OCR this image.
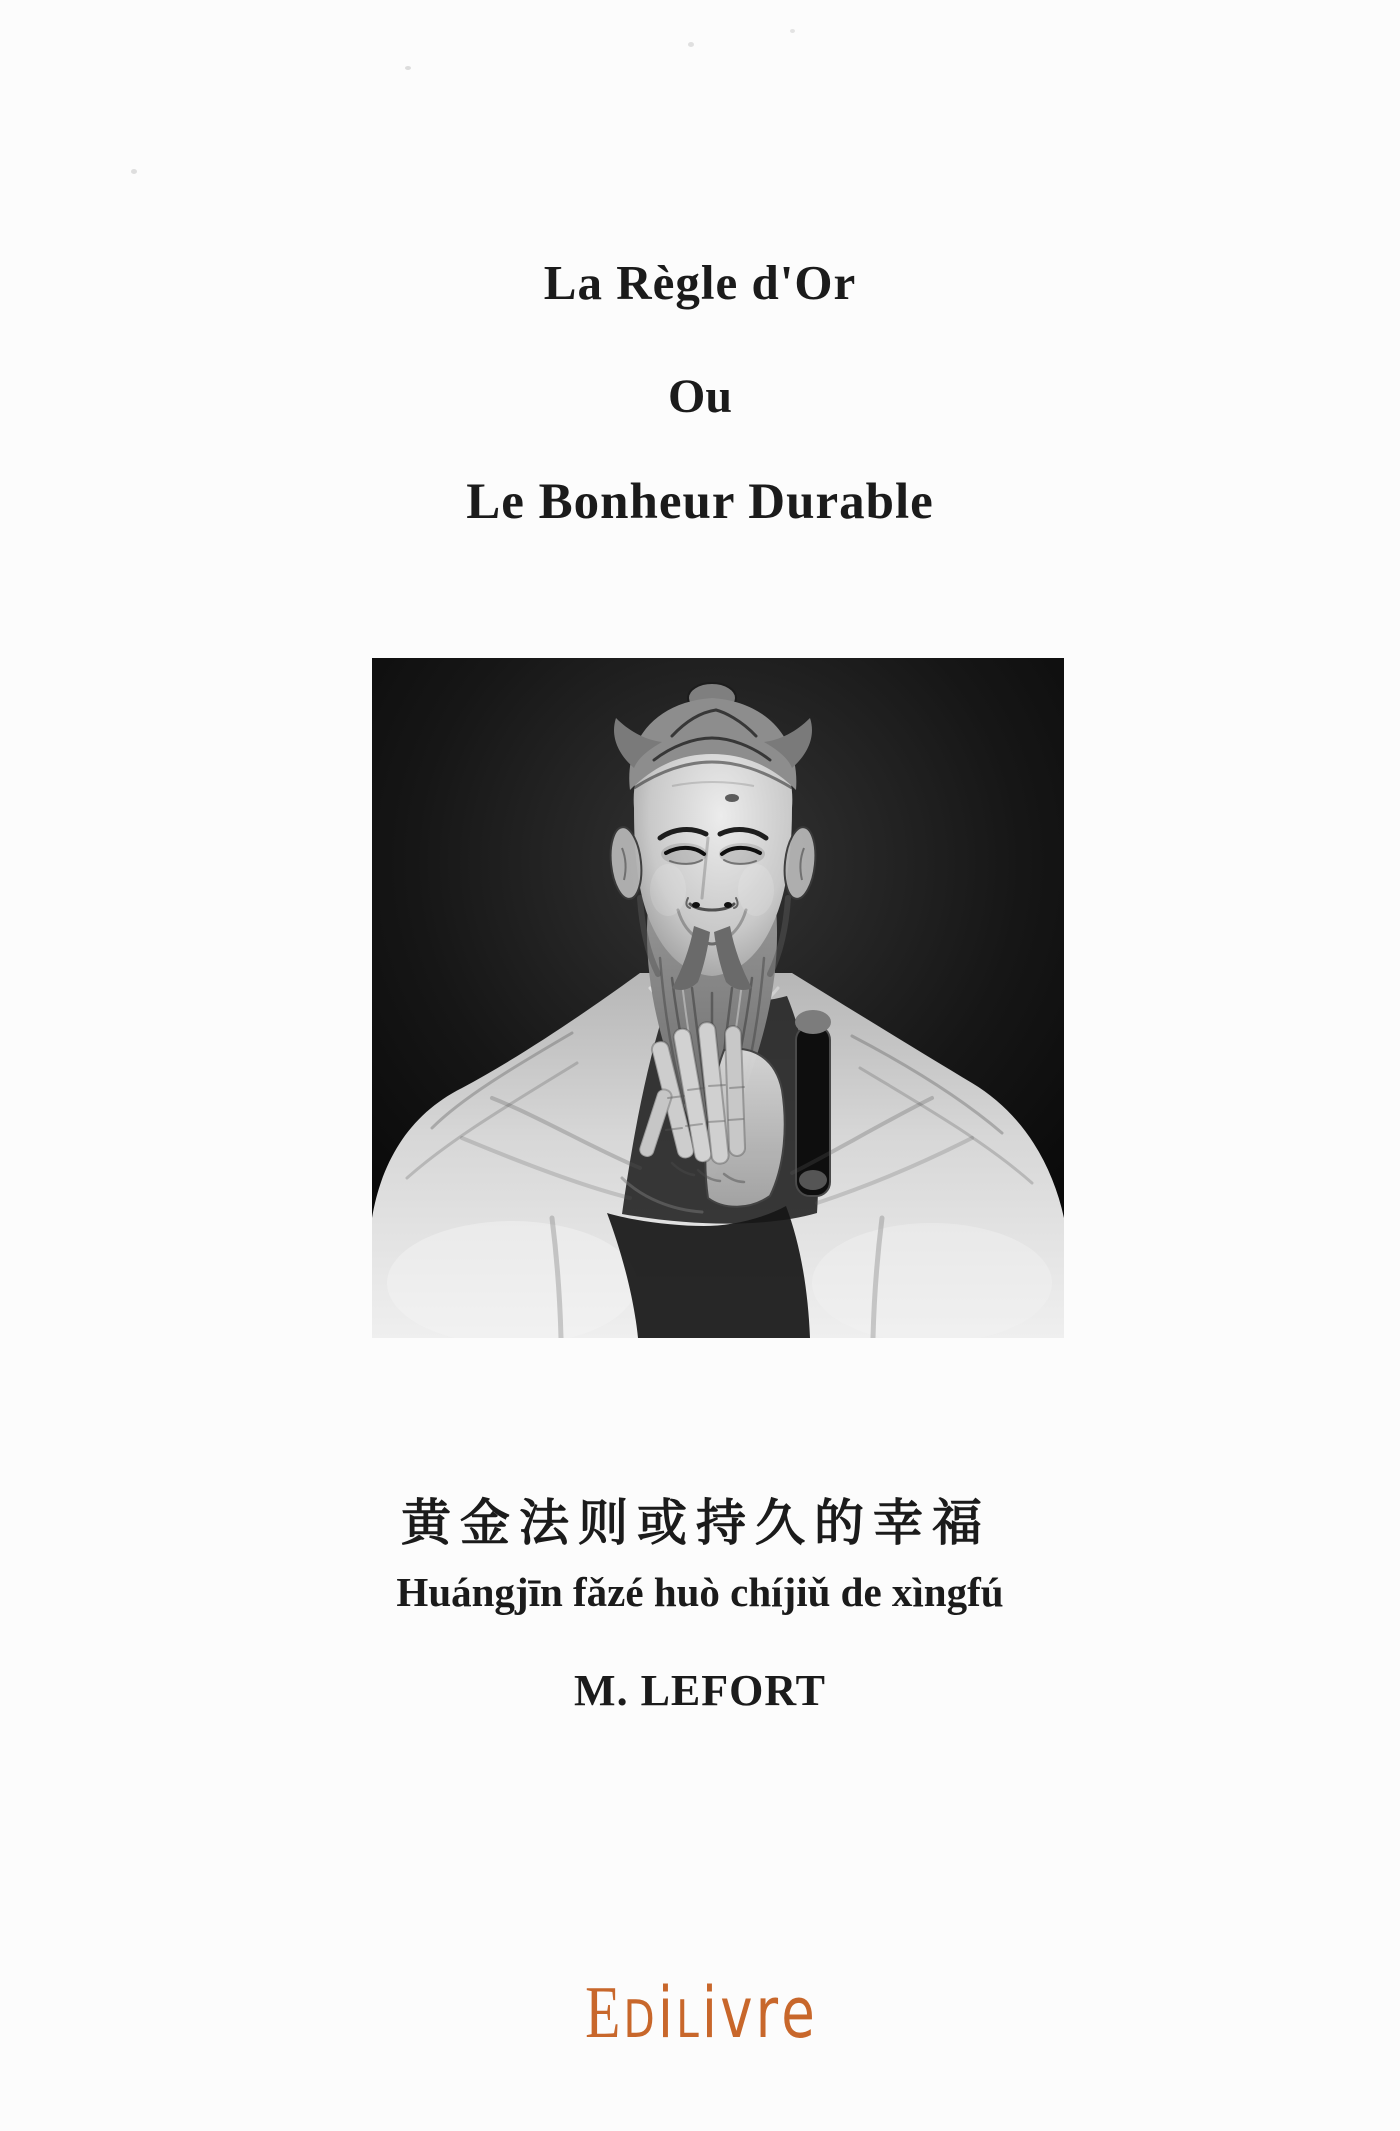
La Règle d'Or
Ou
Le Bonheur Durable
黄金法则或持久的幸福
Huángjīn fǎzé huò chíjiǔ de xìngfú
M. LEFORT
EDiLivre
